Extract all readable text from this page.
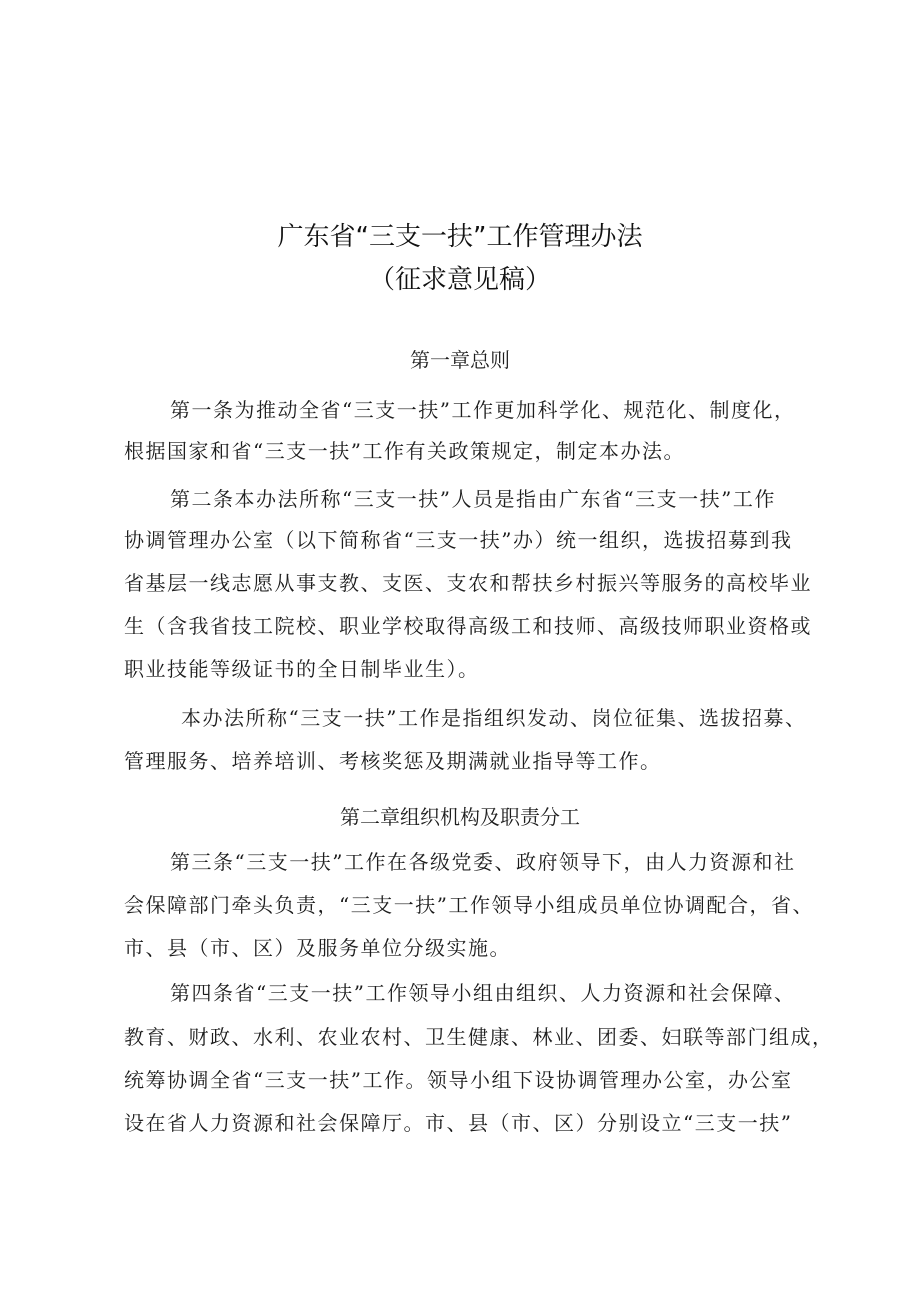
广东省“三支一扶”工作管理办法
（征求意见稿）
第一章总则
第一条为推动全省“三支一扶”工作更加科学化、规范化、制度化，
根据国家和省“三支一扶”工作有关政策规定，制定本办法。
第二条本办法所称“三支一扶”人员是指由广东省“三支一扶”工作
协调管理办公室（以下简称省“三支一扶”办）统一组织，选拔招募到我
省基层一线志愿从事支教、支医、支农和帮扶乡村振兴等服务的高校毕业
生（含我省技工院校、职业学校取得高级工和技师、高级技师职业资格或
职业技能等级证书的全日制毕业生）。
本办法所称“三支一扶”工作是指组织发动、岗位征集、选拔招募、
管理服务、培养培训、考核奖惩及期满就业指导等工作。
第二章组织机构及职责分工
第三条“三支一扶”工作在各级党委、政府领导下，由人力资源和社
会保障部门牵头负责，“三支一扶”工作领导小组成员单位协调配合，省、
市、县（市、区）及服务单位分级实施。
第四条省“三支一扶”工作领导小组由组织、人力资源和社会保障、
教育、财政、水利、农业农村、卫生健康、林业、团委、妇联等部门组成，
统筹协调全省“三支一扶”工作。领导小组下设协调管理办公室，办公室
设在省人力资源和社会保障厅。市、县（市、区）分别设立“三支一扶”
